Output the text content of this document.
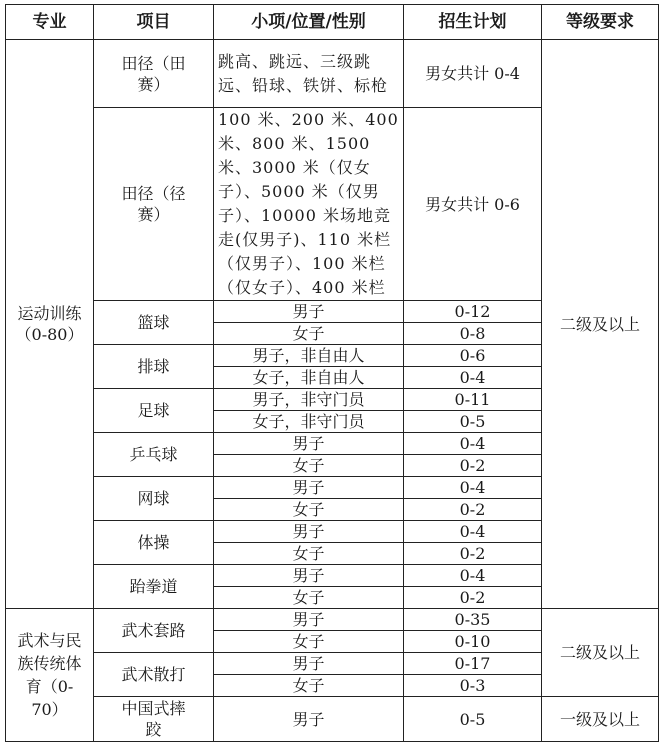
专业	项目	小项/位置/性别	招生计划	等级要求
运动训练（0-80）	田径（田赛）	跳高、跳远、三级跳远、铅球、铁饼、标枪	男女共计 0-4	二级及以上
	田径（径赛）	100 米、200 米、400 米、800 米、1500 米、3000 米（仅女子）、5000 米（仅男子）、10000 米场地竞走(仅男子)、110 米栏（仅男子）、100 米栏（仅女子）、400 米栏	男女共计 0-6	
	篮球	男子	0-12	
		女子	0-8	
	排球	男子，非自由人	0-6	
		女子，非自由人	0-4	
	足球	男子，非守门员	0-11	
		女子，非守门员	0-5	
	乒乓球	男子	0-4	
		女子	0-2	
	网球	男子	0-4	
		女子	0-2	
	体操	男子	0-4	
		女子	0-2	
	跆拳道	男子	0-4	
		女子	0-2	
武术与民族传统体育（0-70）	武术套路	男子	0-35	二级及以上
		女子	0-10	
	武术散打	男子	0-17	
		女子	0-3	
	中国式摔跤	男子	0-5	一级及以上
